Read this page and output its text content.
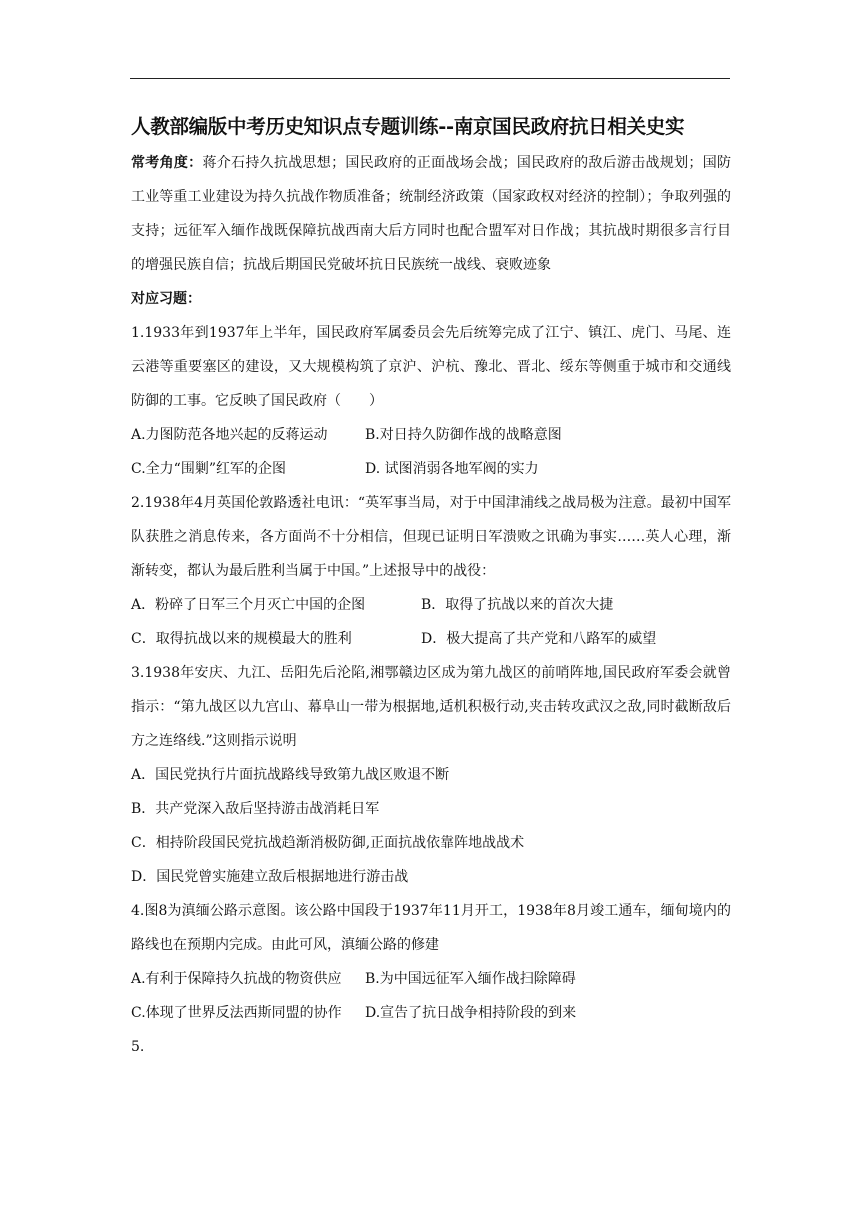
人教部编版中考历史知识点专题训练--南京国民政府抗日相关史实

常考角度：蒋介石持久抗战思想；国民政府的正面战场会战；国民政府的敌后游击战规划；国防工业等重工业建设为持久抗战作物质准备；统制经济政策（国家政权对经济的控制）；争取列强的支持；远征军入缅作战既保障抗战西南大后方同时也配合盟军对日作战；其抗战时期很多言行目的增强民族自信；抗战后期国民党破坏抗日民族统一战线、衰败迹象

对应习题：

1.1933年到1937年上半年，国民政府军属委员会先后统筹完成了江宁、镇江、虎门、马尾、连云港等重要塞区的建设，又大规模构筑了京沪、沪杭、豫北、晋北、绥东等侧重于城市和交通线防御的工事。它反映了国民政府（　　）

A.力图防范各地兴起的反蒋运动	B.对日持久防御作战的战略意图
C.全力“围剿”红军的企图	D. 试图消弱各地军阀的实力

2.1938年4月英国伦敦路透社电讯：“英军事当局，对于中国津浦线之战局极为注意。最初中国军队获胜之消息传来，各方面尚不十分相信，但现已证明日军溃败之讯确为事实……英人心理，渐渐转变，都认为最后胜利当属于中国。”上述报导中的战役：

A．粉碎了日军三个月灭亡中国的企图	B．取得了抗战以来的首次大捷
C．取得抗战以来的规模最大的胜利	D．极大提高了共产党和八路军的威望

3.1938年安庆、九江、岳阳先后沦陷,湘鄂赣边区成为第九战区的前哨阵地,国民政府军委会就曾指示：“第九战区以九宫山、幕阜山一带为根据地,适机积极行动,夹击转攻武汉之敌,同时截断敌后方之连络线.”这则指示说明

A．国民党执行片面抗战路线导致第九战区败退不断

B．共产党深入敌后坚持游击战消耗日军

C．相持阶段国民党抗战趋渐消极防御,正面抗战依靠阵地战战术

D．国民党曾实施建立敌后根据地进行游击战

4.图8为滇缅公路示意图。该公路中国段于1937年11月开工，1938年8月竣工通车，缅甸境内的路线也在预期内完成。由此可风，滇缅公路的修建

A.有利于保障持久抗战的物资供应	B.为中国远征军入缅作战扫除障碍
C.体现了世界反法西斯同盟的协作	D.宣告了抗日战争相持阶段的到来

5.
